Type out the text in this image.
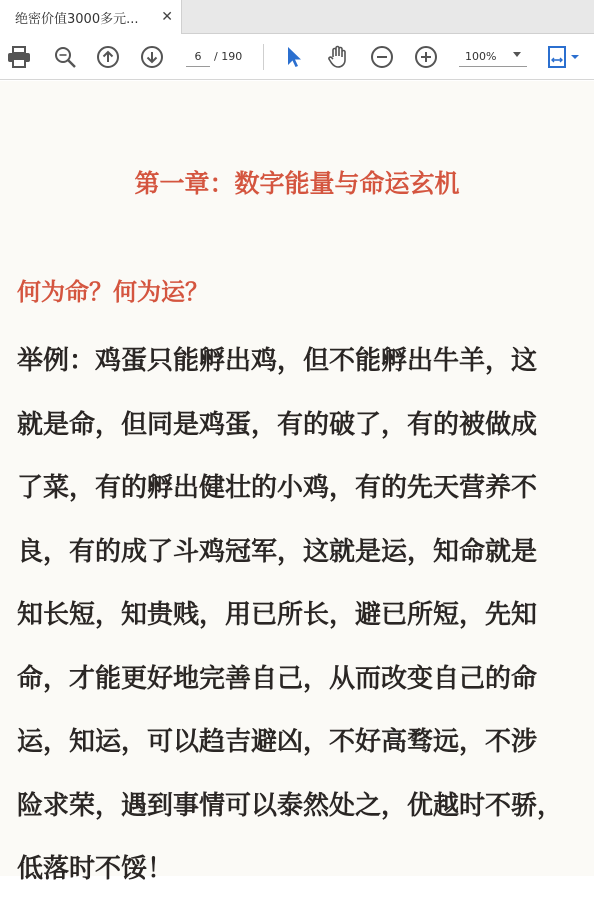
绝密价值3000多元... ✕
6
/ 190	100%
第一章：数字能量与命运玄机
何为命？何为运？
举例：鸡蛋只能孵出鸡，但不能孵出牛羊，这
就是命，但同是鸡蛋，有的破了，有的被做成
了菜，有的孵出健壮的小鸡，有的先天营养不
良，有的成了斗鸡冠军，这就是运，知命就是
知长短，知贵贱，用已所长，避已所短，先知
命，才能更好地完善自己，从而改变自己的命
运，知运，可以趋吉避凶，不好高骛远，不涉
险求荣，遇到事情可以泰然处之，优越时不骄，
低落时不馁！
